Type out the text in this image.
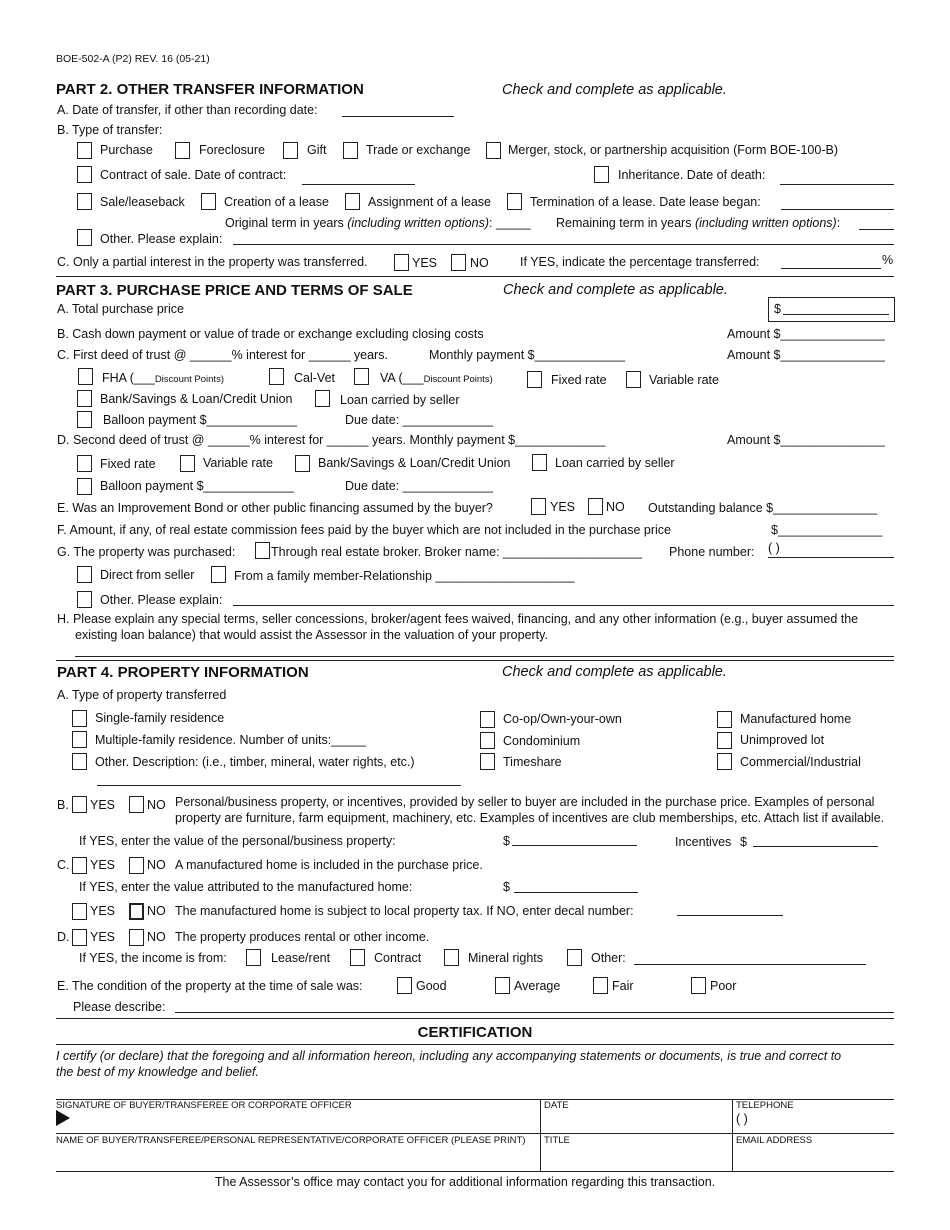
BOE-502-A (P2) REV. 16 (05-21)
PART 2. OTHER TRANSFER INFORMATION	Check and complete as applicable.
A. Date of transfer, if other than recording date:
B. Type of transfer:
Purchase	Foreclosure	Gift	Trade or exchange	Merger, stock, or partnership acquisition (Form BOE-100-B)
Contract of sale. Date of contract:	Inheritance. Date of death:
Sale/leaseback	Creation of a lease	Assignment of a lease	Termination of a lease. Date lease began:
Original term in years (including written options): _____ Remaining term in years (including written options):
Other. Please explain:
C. Only a partial interest in the property was transferred.	YES	NO	If YES, indicate the percentage transferred:	%
PART 3. PURCHASE PRICE AND TERMS OF SALE	Check and complete as applicable.
A. Total purchase price	$
B. Cash down payment or value of trade or exchange excluding closing costs	Amount $_______________
C. First deed of trust @ ______% interest for ______ years.	Monthly payment $_____________	Amount $_______________
FHA (___Discount Points)	Cal-Vet	VA (___Discount Points)	Fixed rate	Variable rate
Bank/Savings & Loan/Credit Union	Loan carried by seller
Balloon payment $_____________	Due date: _____________
D. Second deed of trust @ ______% interest for ______ years. Monthly payment $_____________	Amount $_______________
Fixed rate	Variable rate	Bank/Savings & Loan/Credit Union	Loan carried by seller
Balloon payment $_____________	Due date: _____________
E. Was an Improvement Bond or other public financing assumed by the buyer?	YES NO Outstanding balance $_______________
F. Amount, if any, of real estate commission fees paid by the buyer which are not included in the purchase price	$_______________
G. The property was purchased:	Through real estate broker. Broker name: ____________________ Phone number: ( )
Direct from seller	From a family member-Relationship ____________________
Other. Please explain:
H. Please explain any special terms, seller concessions, broker/agent fees waived, financing, and any other information (e.g., buyer assumed the
existing loan balance) that would assist the Assessor in the valuation of your property.
PART 4. PROPERTY INFORMATION	Check and complete as applicable.
A. Type of property transferred
Single-family residence	Co-op/Own-your-own	Manufactured home
Multiple-family residence. Number of units:_____	Condominium	Unimproved lot
Other. Description: (i.e., timber, mineral, water rights, etc.)	Timeshare	Commercial/Industrial
B. YES	NO Personal/business property, or incentives, provided by seller to buyer are included in the purchase price. Examples of personal
property are furniture, farm equipment, machinery, etc. Examples of incentives are club memberships, etc. Attach list if available.
If YES, enter the value of the personal/business property:	$	Incentives $
C. YES	NO A manufactured home is included in the purchase price.
If YES, enter the value attributed to the manufactured home:	$
YES	NO The manufactured home is subject to local property tax. If NO, enter decal number:
D. YES	NO The property produces rental or other income.
If YES, the income is from:	Lease/rent	Contract	Mineral rights	Other:
E. The condition of the property at the time of sale was:	Good	Average	Fair	Poor
Please describe:
CERTIFICATION
I certify (or declare) that the foregoing and all information hereon, including any accompanying statements or documents, is true and correct to
the best of my knowledge and belief.
SIGNATURE OF BUYER/TRANSFEREE OR CORPORATE OFFICER	DATE	TELEPHONE
( )
NAME OF BUYER/TRANSFEREE/PERSONAL REPRESENTATIVE/CORPORATE OFFICER (PLEASE PRINT) TITLE	EMAIL ADDRESS
The Assessor’s office may contact you for additional information regarding this transaction.
